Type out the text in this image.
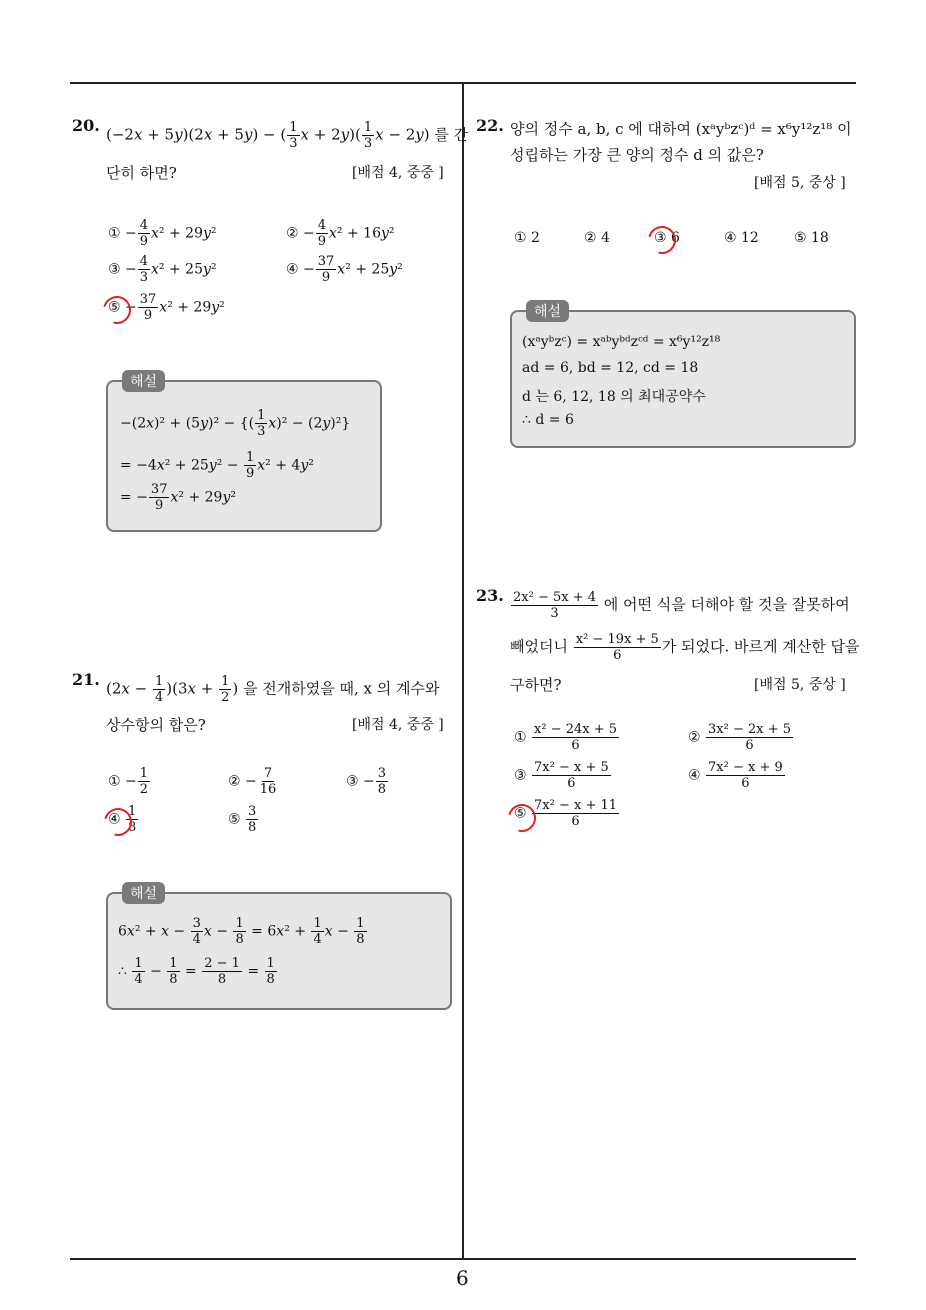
20. (−2x + 5y)(2x + 5y) − ( $\frac{1}{3}$ $x + 2y)( \frac{1}{3}$ x − 2y) 를 간
단히 하면?	[배점 4, 중중 ]
① − $\frac{4}{9} x^2 + 29y^2$	② − $\frac{4}{9} x^2 + 16y^2$
③ − $\frac{4}{3} x^2 + 25y^2$	④ − $\frac{37}{9} x^2 + 25y^2$
⑤ − $\frac{37}{9} x^2 + 29y^2$
해설
−(2x)² + (5y)² − {( $\frac{1}{3} x)^2 - (2y)^2$}
= $-4x^2 + 25y^2 - \frac{1}{9} x^2 + 4y^2$
= − $\frac{37}{9} x^2 + 29y^2$
21. $(2x - \frac{1}{4} )(3x + \frac{1}{2}$ ) 을 전개하였을 때, x 의 계수와
상수항의 합은?	[배점 4, 중중 ]
① − $\frac{1}{2}$	② − $\frac{7}{16}$	③ − $\frac{3}{8}$
④ $\frac{1}{8}$	⑤ $\frac{3}{8}$
해설
$6x^2 + x - \frac{3}{4}$ $x - \frac{1}{8} = 6x^2 + \frac{1}{4}$ $x - \frac{1}{8}$
∴ $\frac{1}{4} - \frac{1}{8} = \frac{2 - 1}{8} = \frac{1}{8}$
22. 양의 정수 a, b, c 에 대하여 (xᵃyᵇzᶜ)ᵈ = x⁶y¹²z¹⁸ 이
성립하는 가장 큰 양의 정수 d 의 값은?
[배점 5, 중상 ]
① 2	② 4	③ 6	④ 12	⑤ 18
해설
(xᵃyᵇzᶜ) = xᵃᵇyᵇᵈzᶜᵈ = x⁶y¹²z¹⁸
ad = 6, bd = 12, cd = 18
d 는 6, 12, 18 의 최대공약수
∴ d = 6
23. $\frac{\text{2x² − 5x + 4}}{3}$ 에 어떤 식을 더해야 할 것을 잘못하여
빼었더니 $\frac{\text{x² − 19x + 5}}{6}$ 가 되었다. 바르게 계산한 답을
구하면?	[배점 5, 중상 ]
① $\frac{\text{x² − 24x + 5}}{6}$	② $\frac{\text{3x² − 2x + 5}}{6}$
③ $\frac{\text{7x² − x + 5}}{6}$	④ $\frac{\text{7x² − x + 9}}{6}$
⑤ $\frac{\text{7x² − x + 11}}{6}$
6
